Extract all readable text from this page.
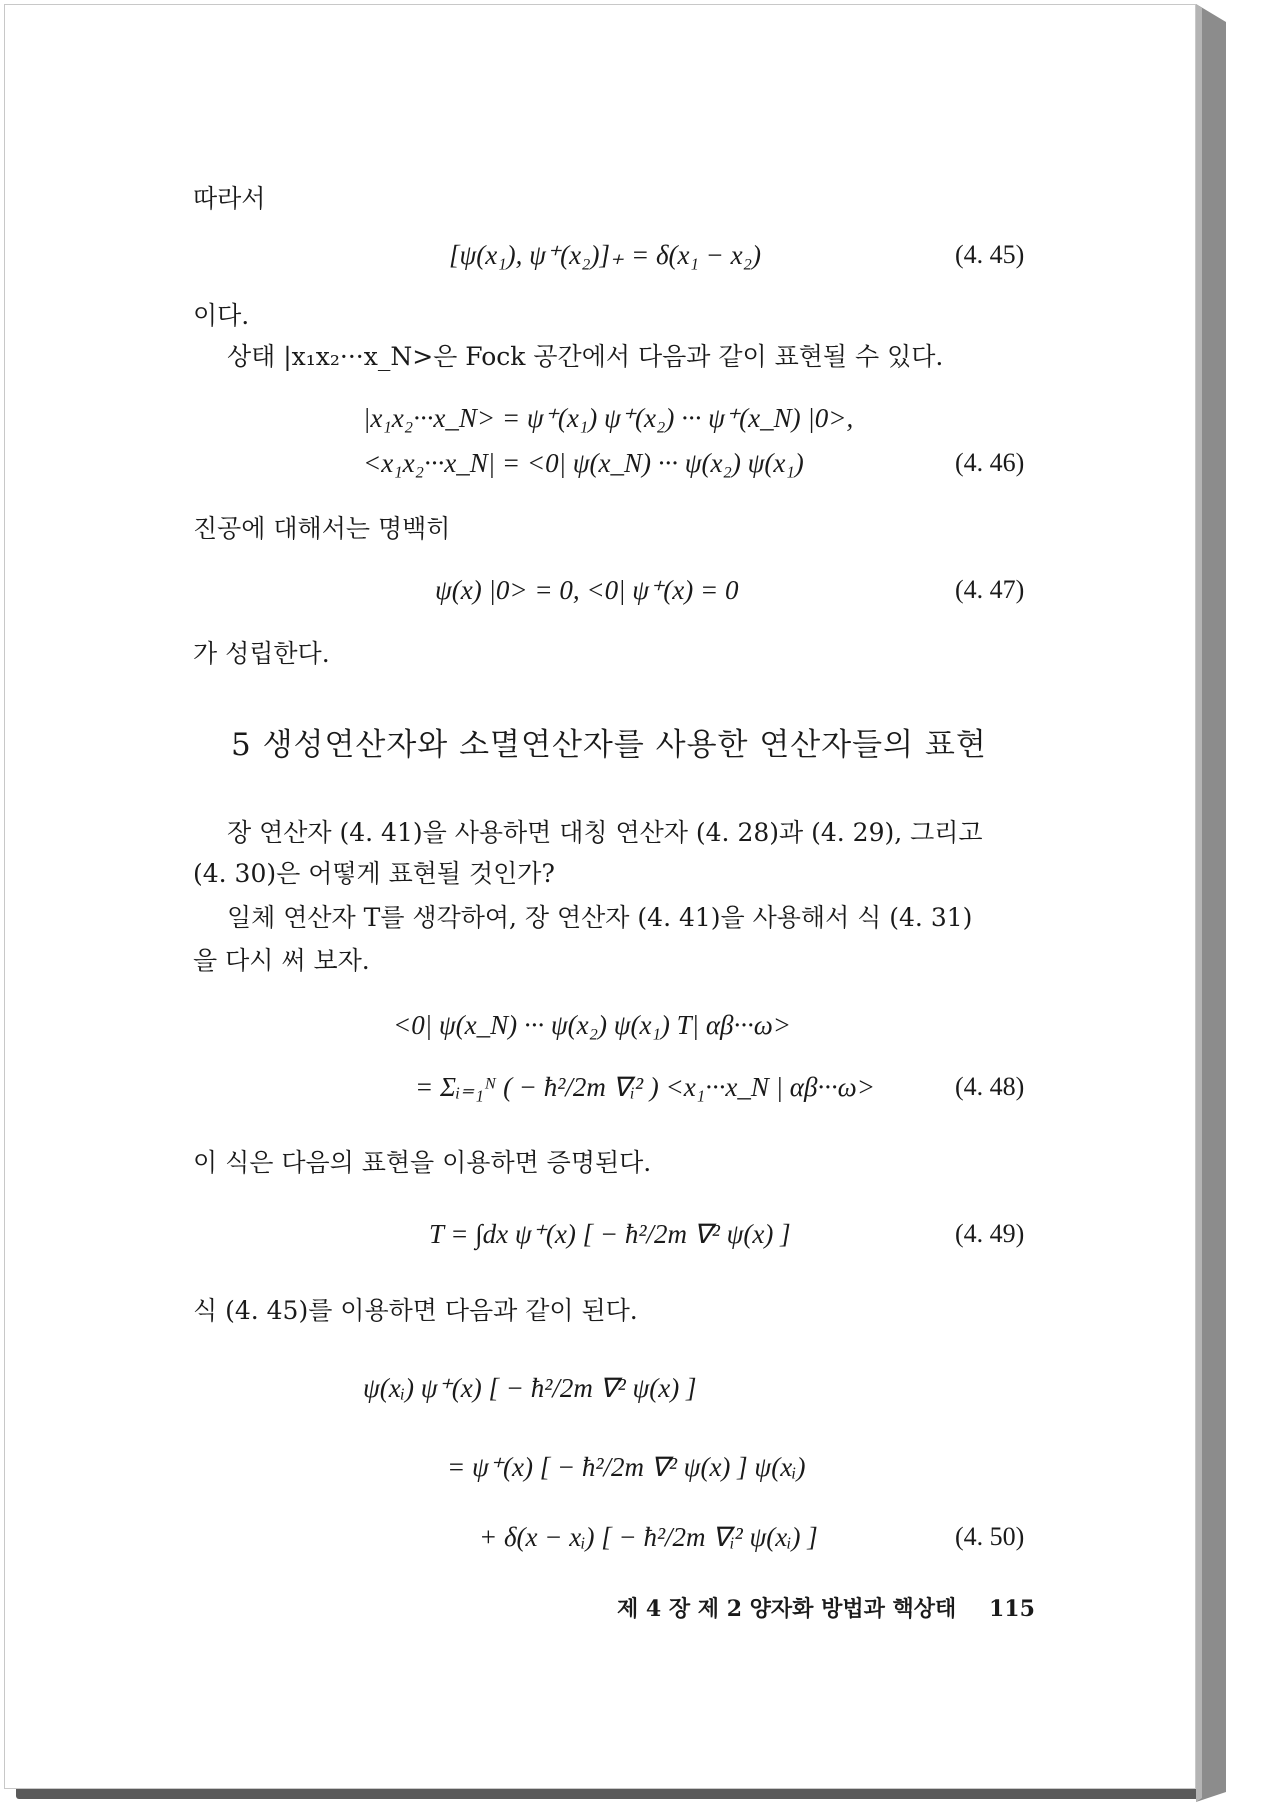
따라서
[ψ(x₁), ψ⁺(x₂)]₊ = δ(x₁ − x₂)	(4. 45)
이다.
상태 |x₁x₂···x_N>은 Fock 공간에서 다음과 같이 표현될 수 있다.
|x₁x₂···x_N> = ψ⁺(x₁) ψ⁺(x₂) ··· ψ⁺(x_N) |0>,
<x₁x₂···x_N| = <0| ψ(x_N) ··· ψ(x₂) ψ(x₁)	(4. 46)
진공에 대해서는 명백히
ψ(x) |0> = 0, <0| ψ⁺(x) = 0	(4. 47)
가 성립한다.
5 생성연산자와 소멸연산자를 사용한 연산자들의 표현
장 연산자 (4. 41)을 사용하면 대칭 연산자 (4. 28)과 (4. 29), 그리고
(4. 30)은 어떻게 표현될 것인가?
일체 연산자 T를 생각하여, 장 연산자 (4. 41)을 사용해서 식 (4. 31)
을 다시 써 보자.
<0| ψ(x_N) ··· ψ(x₂) ψ(x₁) T| αβ···ω>
= Σᵢ₌₁ᴺ ( − ħ²/2m ∇ᵢ² ) <x₁···x_N | αβ···ω>	(4. 48)
이 식은 다음의 표현을 이용하면 증명된다.
T = ∫dx ψ⁺(x) [ − ħ²/2m ∇² ψ(x) ]	(4. 49)
식 (4. 45)를 이용하면 다음과 같이 된다.
ψ(xᵢ) ψ⁺(x) [ − ħ²/2m ∇² ψ(x) ]
= ψ⁺(x) [ − ħ²/2m ∇² ψ(x) ] ψ(xᵢ)
+ δ(x − xᵢ) [ − ħ²/2m ∇ᵢ² ψ(xᵢ) ]	(4. 50)
제 4 장 제 2 양자화 방법과 핵상태 115
